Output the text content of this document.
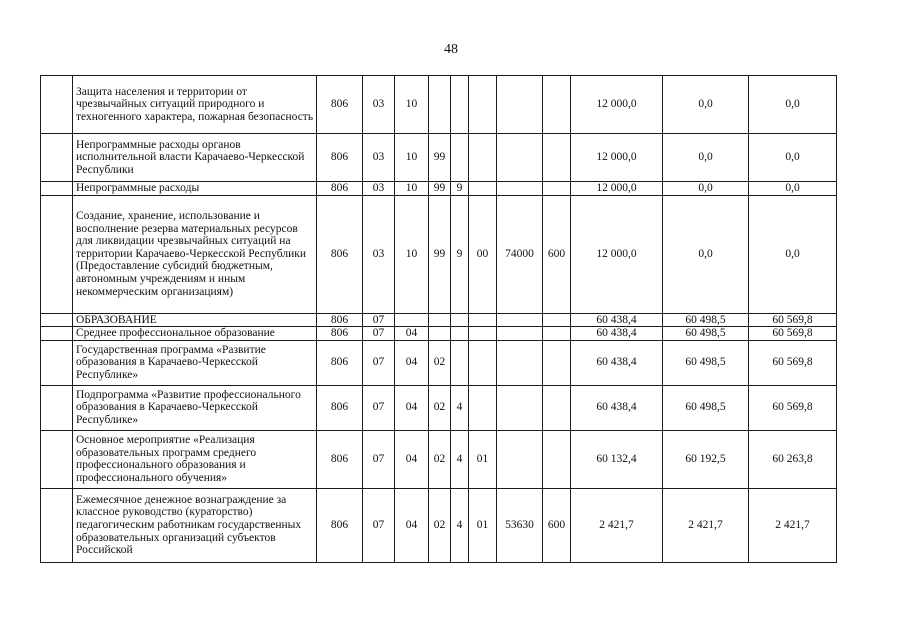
48
	Защита населения и территории от чрезвычайных ситуаций природного и техногенного характера, пожарная безопасность	806	03	10						12 000,0	0,0	0,0
	Непрограммные расходы органов исполнительной власти Карачаево-Черкесской Республики	806	03	10	99					12 000,0	0,0	0,0
	Непрограммные расходы	806	03	10	99	9				12 000,0	0,0	0,0
	Создание, хранение, использование и восполнение резерва материальных ресурсов для ликвидации чрезвычайных ситуаций на территории Карачаево-Черкесской Республики (Предоставление субсидий бюджетным, автономным учреждениям и иным некоммерческим организациям)	806	03	10	99	9	00	74000	600	12 000,0	0,0	0,0
	ОБРАЗОВАНИЕ	806	07							60 438,4	60 498,5	60 569,8
	Среднее профессиональное образование	806	07	04						60 438,4	60 498,5	60 569,8
	Государственная программа «Развитие образования в Карачаево-Черкесской Республике»	806	07	04	02					60 438,4	60 498,5	60 569,8
	Подпрограмма «Развитие профессионального образования в Карачаево-Черкесской Республике»	806	07	04	02	4				60 438,4	60 498,5	60 569,8
	Основное мероприятие «Реализация образовательных программ среднего профессионального образования и профессионального обучения»	806	07	04	02	4	01			60 132,4	60 192,5	60 263,8
	Ежемесячное денежное вознаграждение за классное руководство (кураторство) педагогическим работникам государственных образовательных организаций субъектов Российской	806	07	04	02	4	01	53630	600	2 421,7	2 421,7	2 421,7
